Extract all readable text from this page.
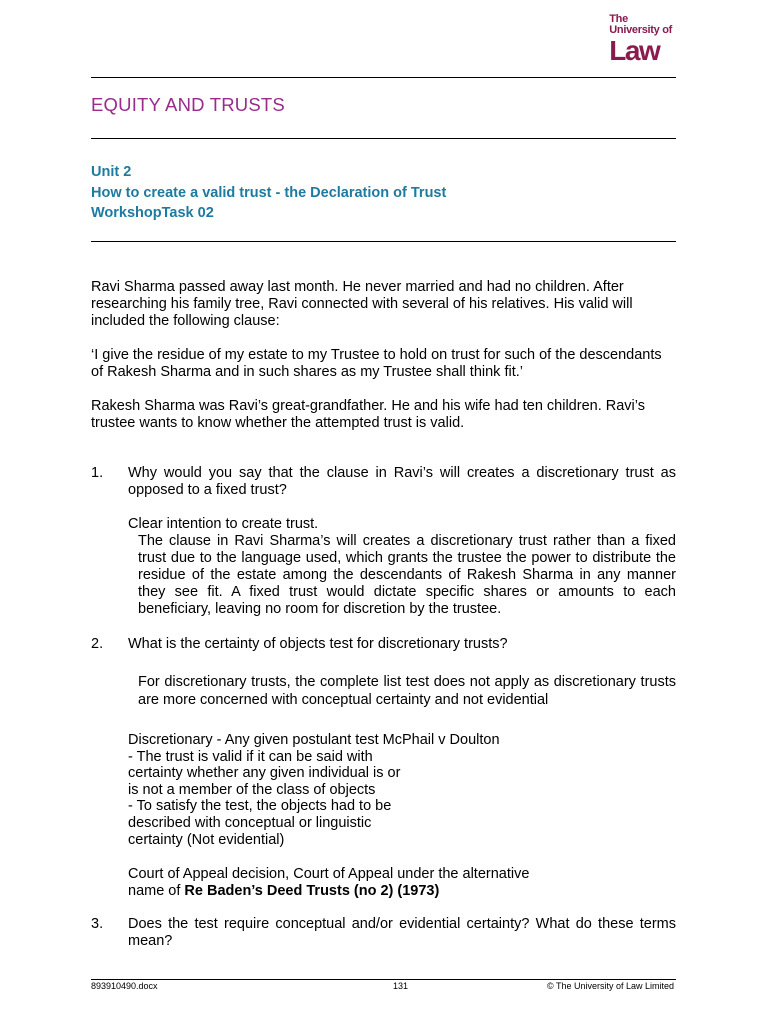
The
University of
Law
EQUITY AND TRUSTS
Unit 2
How to create a valid trust - the Declaration of Trust
WorkshopTask 02
Ravi Sharma passed away last month. He never married and had no children. After researching his family tree, Ravi connected with several of his relatives. His valid will included the following clause:
‘I give the residue of my estate to my Trustee to hold on trust for such of the descendants of Rakesh Sharma and in such shares as my Trustee shall think fit.’
Rakesh Sharma was Ravi’s great-grandfather. He and his wife had ten children. Ravi’s trustee wants to know whether the attempted trust is valid.
1. Why would you say that the clause in Ravi’s will creates a discretionary trust as opposed to a fixed trust?
Clear intention to create trust.
The clause in Ravi Sharma’s will creates a discretionary trust rather than a fixed trust due to the language used, which grants the trustee the power to distribute the residue of the estate among the descendants of Rakesh Sharma in any manner they see fit. A fixed trust would dictate specific shares or amounts to each beneficiary, leaving no room for discretion by the trustee.
2. What is the certainty of objects test for discretionary trusts?
For discretionary trusts, the complete list test does not apply as discretionary trusts are more concerned with conceptual certainty and not evidential
Discretionary - Any given postulant test McPhail v Doulton
- The trust is valid if it can be said with
certainty whether any given individual is or
is not a member of the class of objects
- To satisfy the test, the objects had to be
described with conceptual or linguistic
certainty (Not evidential)
Court of Appeal decision, Court of Appeal under the alternative
name of Re Baden’s Deed Trusts (no 2) (1973)
3. Does the test require conceptual and/or evidential certainty? What do these terms mean?
893910490.docx	131	© The University of Law Limited
